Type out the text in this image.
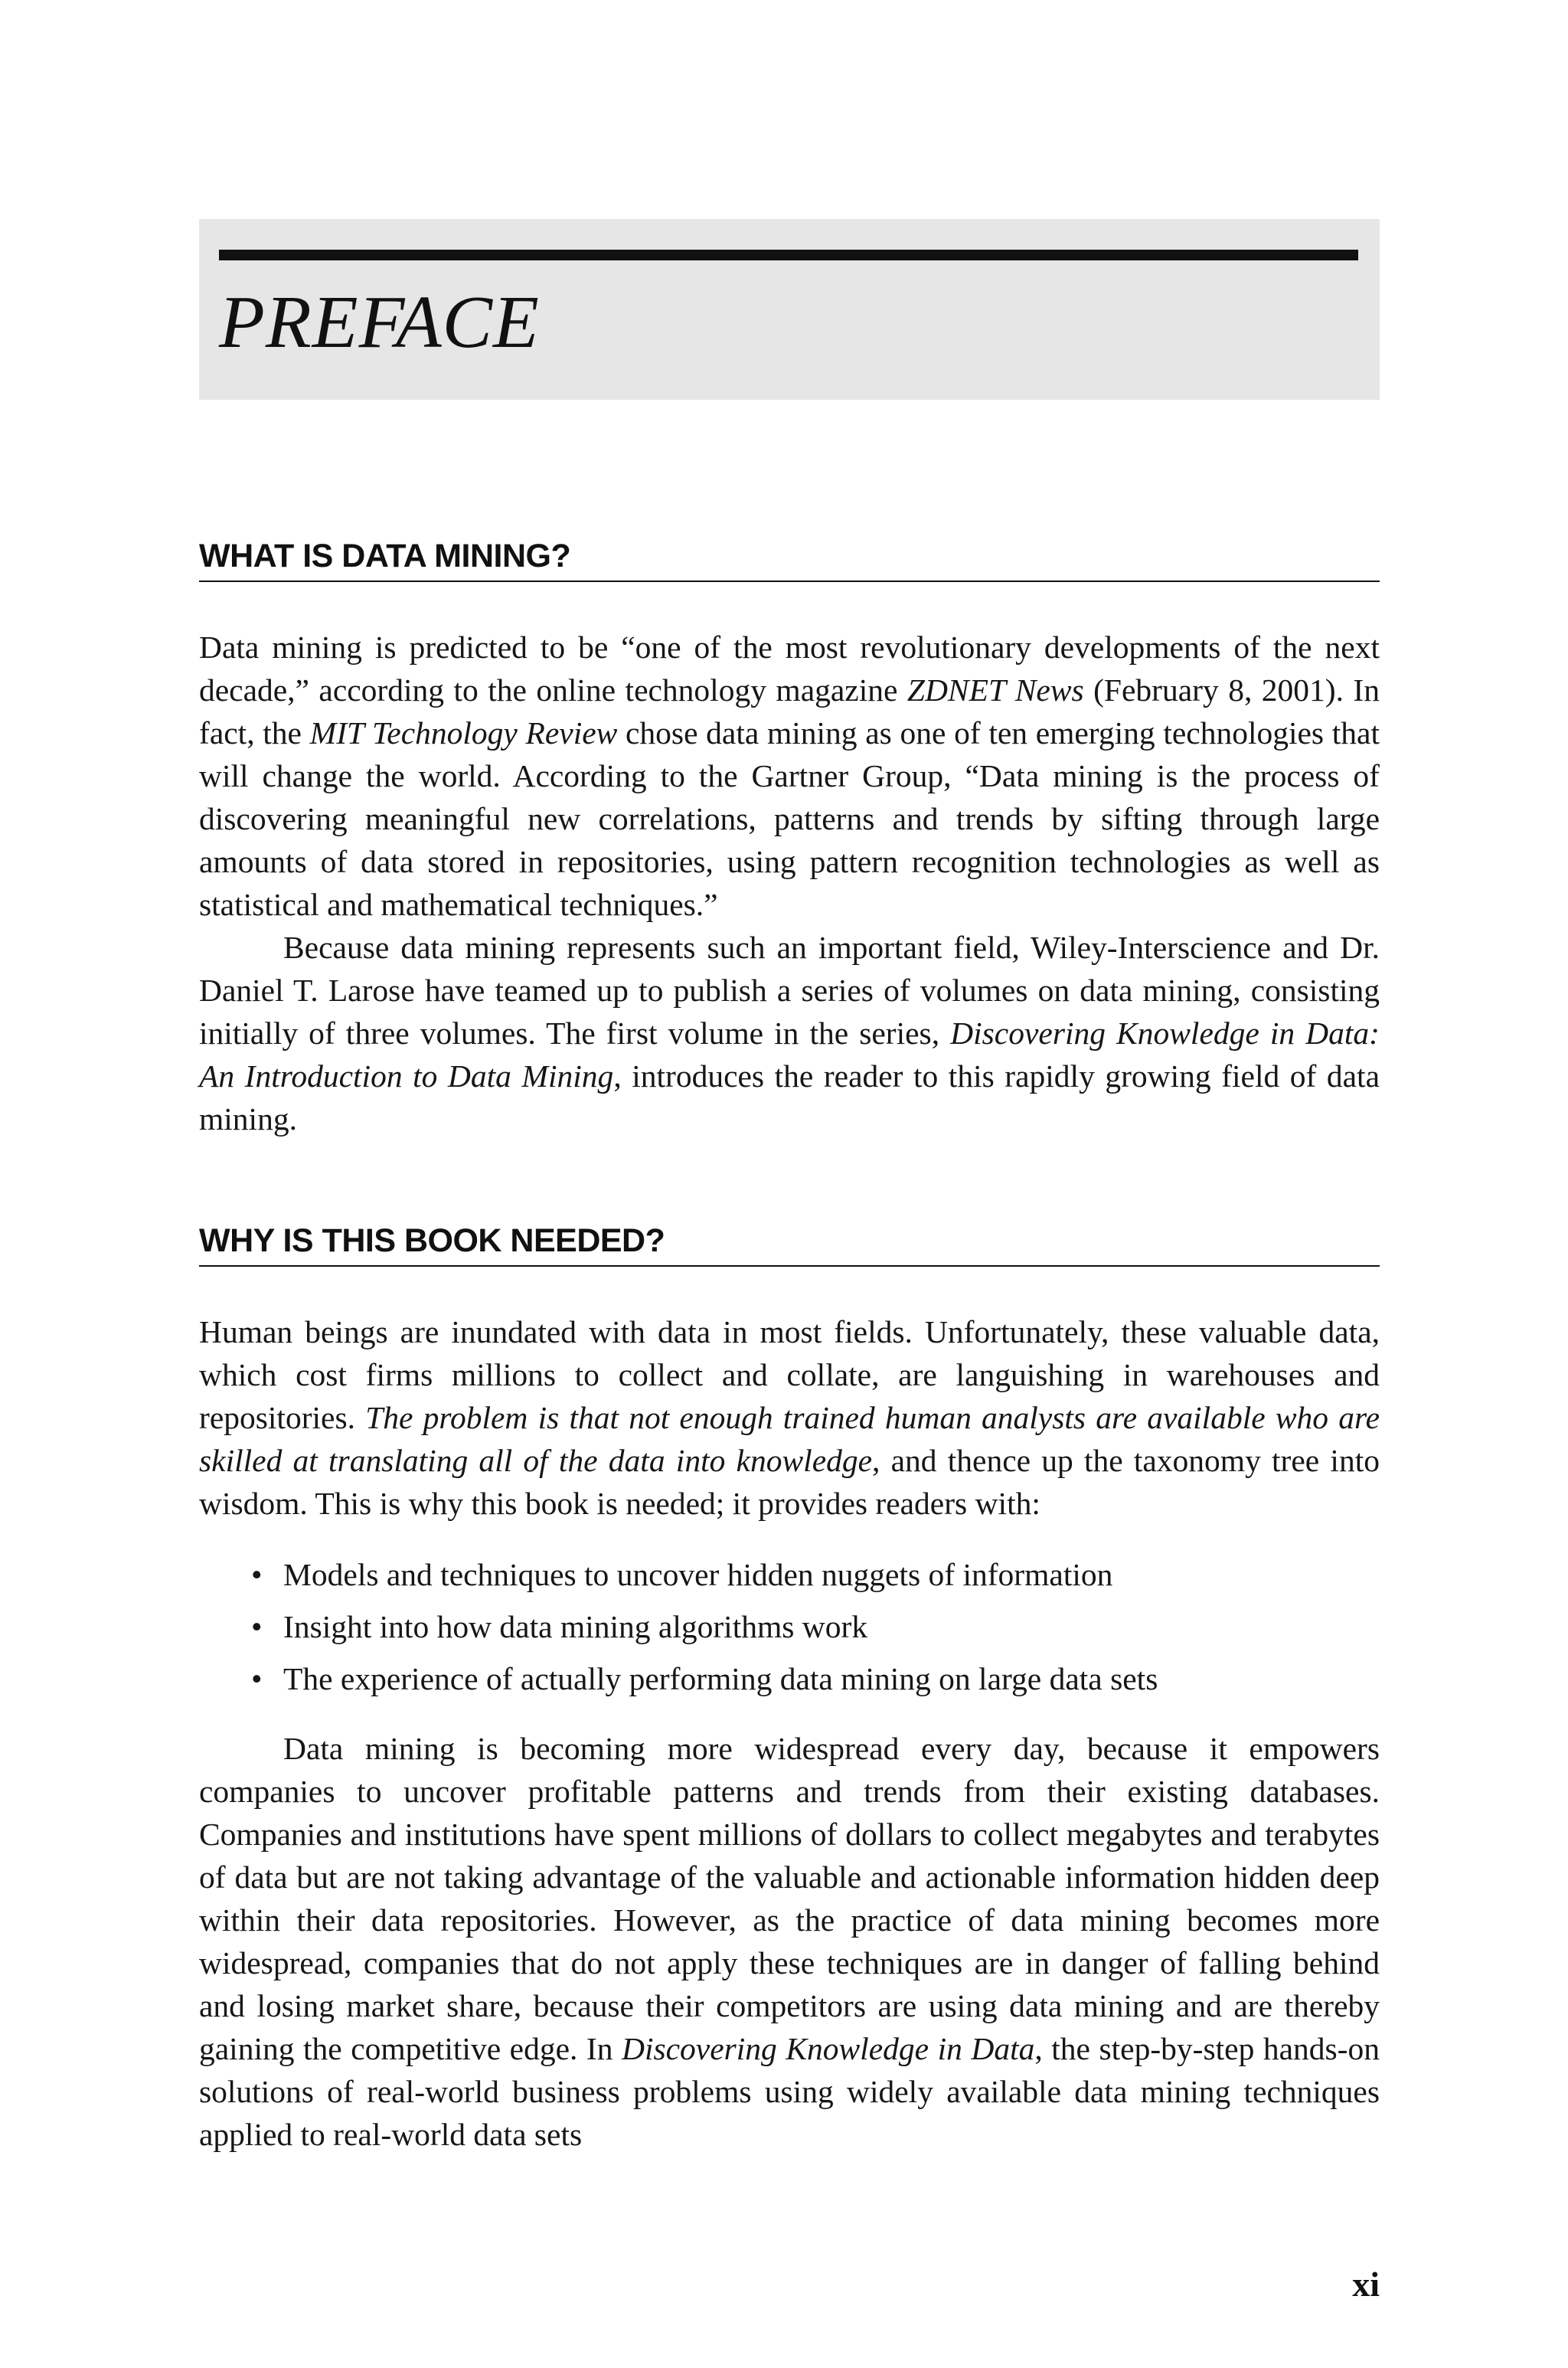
PREFACE
WHAT IS DATA MINING?

Data mining is predicted to be “one of the most revolutionary developments of the next decade,” according to the online technology magazine ZDNET News (February 8, 2001). In fact, the MIT Technology Review chose data mining as one of ten emerging technologies that will change the world. According to the Gartner Group, “Data mining is the process of discovering meaningful new correlations, patterns and trends by sifting through large amounts of data stored in repositories, using pattern recognition technologies as well as statistical and mathematical techniques.”

Because data mining represents such an important field, Wiley-Interscience and Dr. Daniel T. Larose have teamed up to publish a series of volumes on data mining, consisting initially of three volumes. The first volume in the series, Discovering Knowledge in Data: An Introduction to Data Mining, introduces the reader to this rapidly growing field of data mining.

WHY IS THIS BOOK NEEDED?

Human beings are inundated with data in most fields. Unfortunately, these valuable data, which cost firms millions to collect and collate, are languishing in warehouses and repositories. The problem is that not enough trained human analysts are available who are skilled at translating all of the data into knowledge, and thence up the taxonomy tree into wisdom. This is why this book is needed; it provides readers with:

• Models and techniques to uncover hidden nuggets of information
• Insight into how data mining algorithms work
• The experience of actually performing data mining on large data sets

Data mining is becoming more widespread every day, because it empowers companies to uncover profitable patterns and trends from their existing databases. Companies and institutions have spent millions of dollars to collect megabytes and terabytes of data but are not taking advantage of the valuable and actionable information hidden deep within their data repositories. However, as the practice of data mining becomes more widespread, companies that do not apply these techniques are in danger of falling behind and losing market share, because their competitors are using data mining and are thereby gaining the competitive edge. In Discovering Knowledge in Data, the step-by-step hands-on solutions of real-world business problems using widely available data mining techniques applied to real-world data sets

xi
